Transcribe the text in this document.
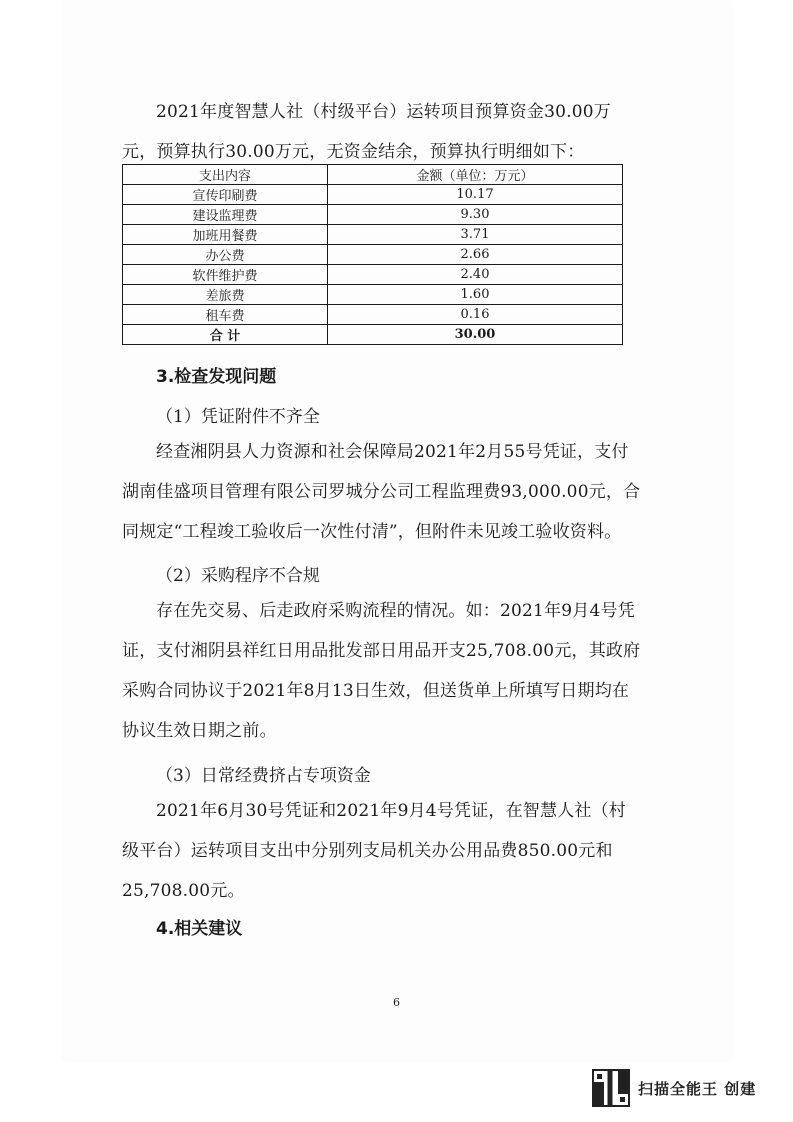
2021年度智慧人社（村级平台）运转项目预算资金30.00万元，预算执行30.00万元，无资金结余，预算执行明细如下：

支出内容	金额（单位：万元）
宣传印刷费	10.17
建设监理费	9.30
加班用餐费	3.71
办公费	2.66
软件维护费	2.40
差旅费	1.60
租车费	0.16
合 计	30.00
3.检查发现问题

（1）凭证附件不齐全

经查湘阴县人力资源和社会保障局2021年2月55号凭证，支付湖南佳盛项目管理有限公司罗城分公司工程监理费93,000.00元，合同规定“工程竣工验收后一次性付清”，但附件未见竣工验收资料。

（2）采购程序不合规

存在先交易、后走政府采购流程的情况。如：2021年9月4号凭证，支付湘阴县祥红日用品批发部日用品开支25,708.00元，其政府采购合同协议于2021年8月13日生效，但送货单上所填写日期均在协议生效日期之前。

（3）日常经费挤占专项资金

2021年6月30号凭证和2021年9月4号凭证，在智慧人社（村级平台）运转项目支出中分别列支局机关办公用品费850.00元和25,708.00元。

4.相关建议
6
扫描全能王 创建
